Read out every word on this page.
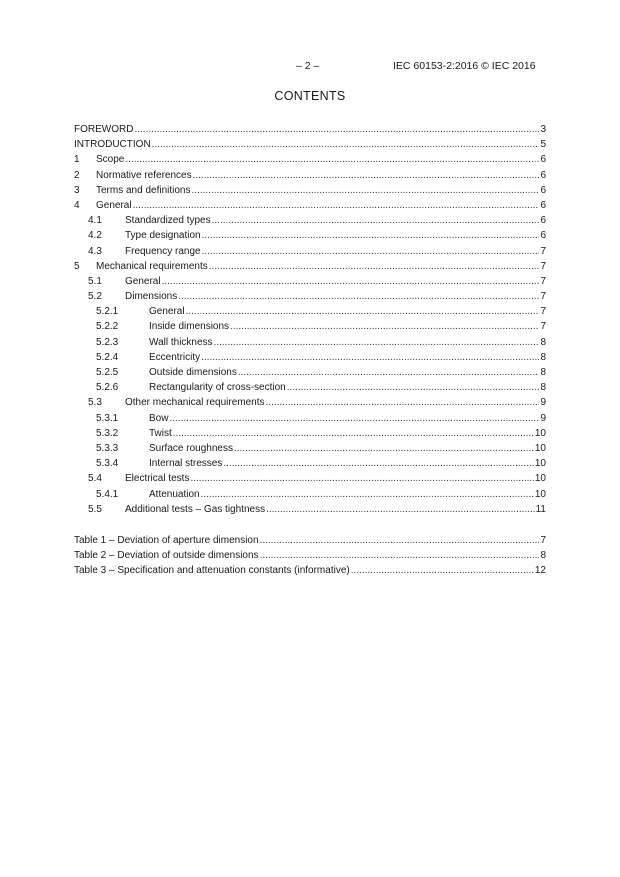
– 2 –	IEC 60153-2:2016 © IEC 2016
CONTENTS
FOREWORD .....	3
INTRODUCTION .....	5
1	Scope .....	6
2	Normative references .....	6
3	Terms and definitions .....	6
4	General .....	6
4.1	Standardized types .....	6
4.2	Type designation .....	6
4.3	Frequency range .....	7
5	Mechanical requirements .....	7
5.1	General .....	7
5.2	Dimensions .....	7
5.2.1	General .....	7
5.2.2	Inside dimensions .....	7
5.2.3	Wall thickness .....	8
5.2.4	Eccentricity .....	8
5.2.5	Outside dimensions .....	8
5.2.6	Rectangularity of cross-section .....	8
5.3	Other mechanical requirements .....	9
5.3.1	Bow .....	9
5.3.2	Twist .....	10
5.3.3	Surface roughness .....	10
5.3.4	Internal stresses .....	10
5.4	Electrical tests .....	10
5.4.1	Attenuation .....	10
5.5	Additional tests – Gas tightness .....	11
Table 1 – Deviation of aperture dimension .....	7
Table 2 – Deviation of outside dimensions .....	8
Table 3 – Specification and attenuation constants (informative) .....	12
